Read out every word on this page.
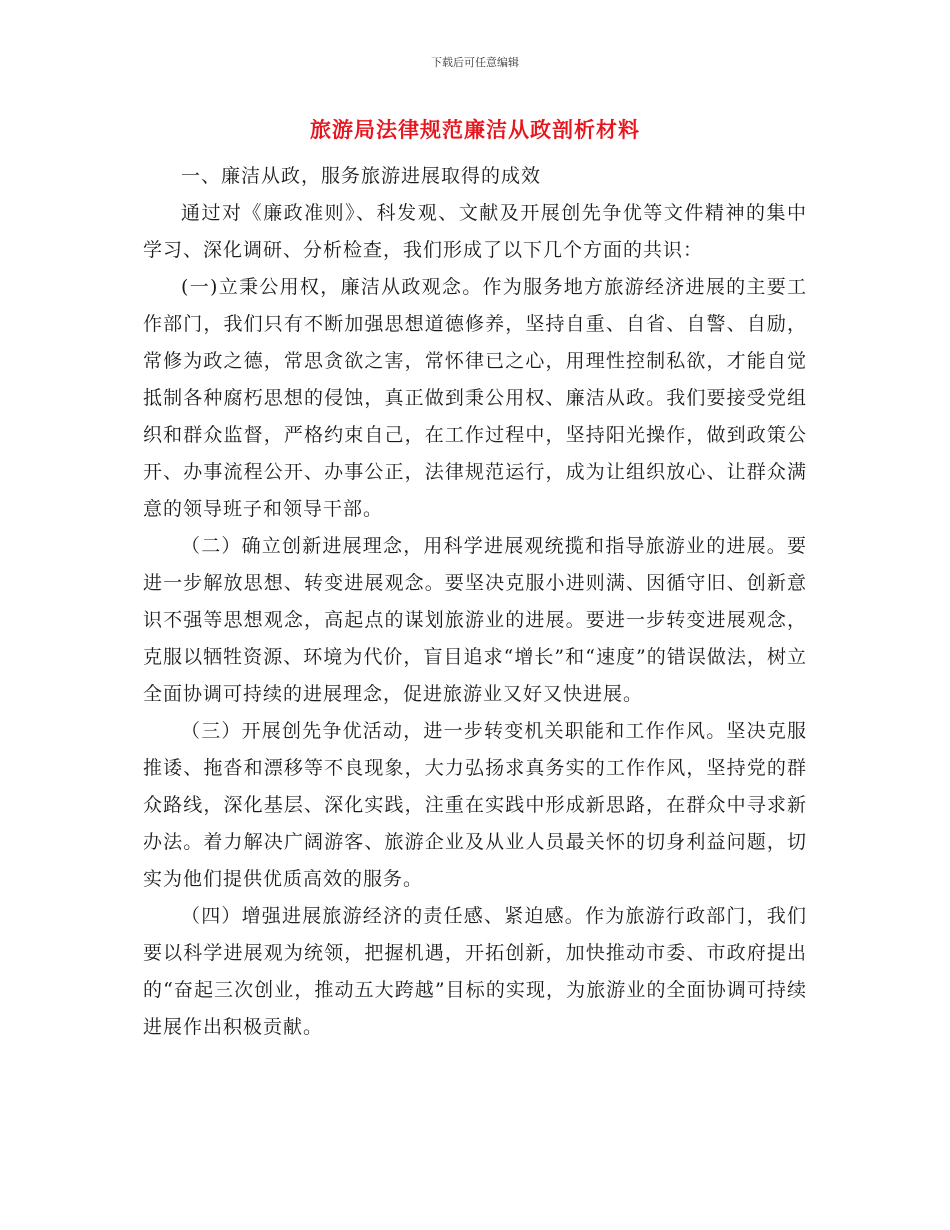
下载后可任意编辑
旅游局法律规范廉洁从政剖析材料

一、廉洁从政，服务旅游进展取得的成效

通过对《廉政准则》、科发观、文献及开展创先争优等文件精神的集中学习、深化调研、分析检查，我们形成了以下几个方面的共识：

(一)立秉公用权，廉洁从政观念。作为服务地方旅游经济进展的主要工作部门，我们只有不断加强思想道德修养，坚持自重、自省、自警、自励，常修为政之德，常思贪欲之害，常怀律已之心，用理性控制私欲，才能自觉抵制各种腐朽思想的侵蚀，真正做到秉公用权、廉洁从政。我们要接受党组织和群众监督，严格约束自己，在工作过程中，坚持阳光操作，做到政策公开、办事流程公开、办事公正，法律规范运行，成为让组织放心、让群众满意的领导班子和领导干部。

（二）确立创新进展理念，用科学进展观统揽和指导旅游业的进展。要进一步解放思想、转变进展观念。要坚决克服小进则满、因循守旧、创新意识不强等思想观念，高起点的谋划旅游业的进展。要进一步转变进展观念，克服以牺牲资源、环境为代价，盲目追求“增长”和“速度”的错误做法，树立全面协调可持续的进展理念，促进旅游业又好又快进展。

（三）开展创先争优活动，进一步转变机关职能和工作作风。坚决克服推诿、拖沓和漂移等不良现象，大力弘扬求真务实的工作作风，坚持党的群众路线，深化基层、深化实践，注重在实践中形成新思路，在群众中寻求新办法。着力解决广阔游客、旅游企业及从业人员最关怀的切身利益问题，切实为他们提供优质高效的服务。

（四）增强进展旅游经济的责任感、紧迫感。作为旅游行政部门，我们要以科学进展观为统领，把握机遇，开拓创新，加快推动市委、市政府提出的“奋起三次创业，推动五大跨越”目标的实现，为旅游业的全面协调可持续进展作出积极贡献。
